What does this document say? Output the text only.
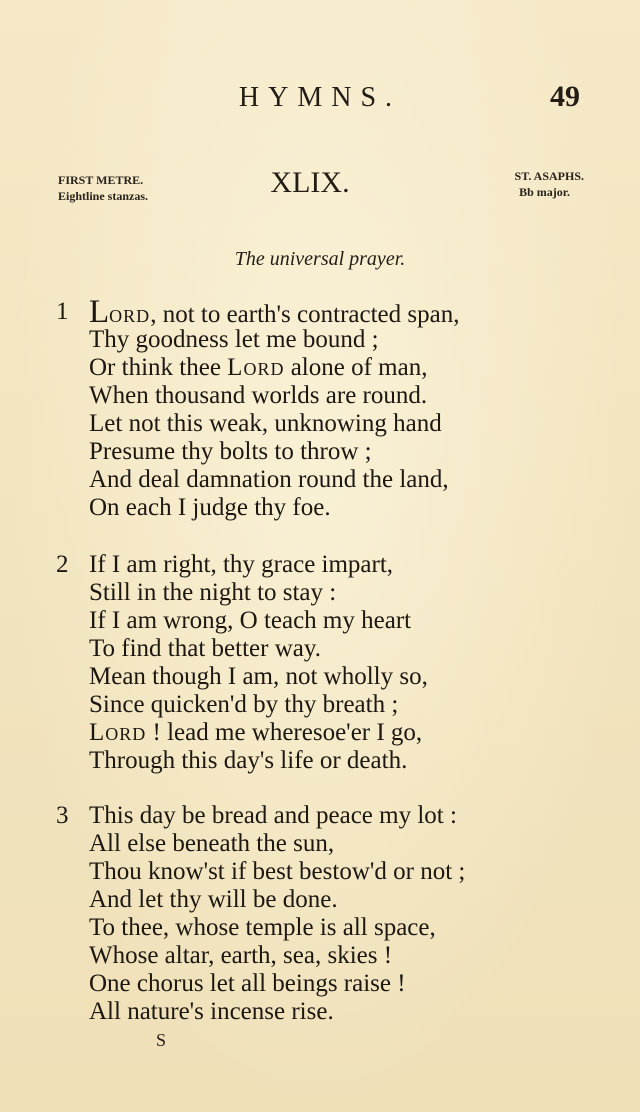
HYMNS.	49
FIRST METRE.
Eightline stanzas.	XLIX.	ST. ASAPHS.
Bb major.
The universal prayer.
1 Lord, not to earth's contracted span,
Thy goodness let me bound ;
Or think thee Lord alone of man,
When thousand worlds are round.
Let not this weak, unknowing hand
Presume thy bolts to throw ;
And deal damnation round the land,
On each I judge thy foe.
2 If I am right, thy grace impart,
Still in the night to stay :
If I am wrong, O teach my heart
To find that better way.
Mean though I am, not wholly so,
Since quicken'd by thy breath ;
Lord ! lead me wheresoe'er I go,
Through this day's life or death.
3 This day be bread and peace my lot :
All else beneath the sun,
Thou know'st if best bestow'd or not ;
And let thy will be done.
To thee, whose temple is all space,
Whose altar, earth, sea, skies !
One chorus let all beings raise !
All nature's incense rise.
S
